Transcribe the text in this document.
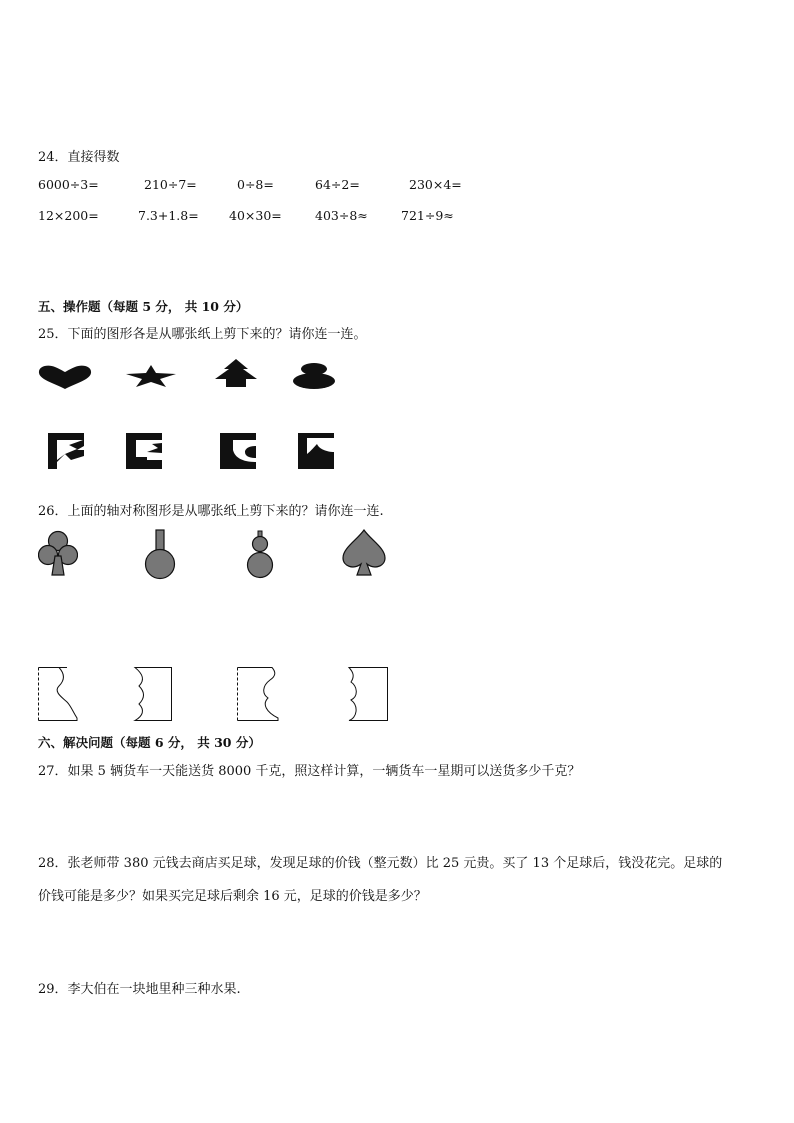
24．直接得数
6000÷3=	210÷7=	0÷8=	64÷2=	230×4=
12×200=	7.3+1.8= 40×30=	403÷8≈	721÷9≈
五、操作题（每题 5 分， 共 10 分）
25．下面的图形各是从哪张纸上剪下来的？请你连一连。
26．上面的轴对称图形是从哪张纸上剪下来的？请你连一连.
六、解决问题（每题 6 分， 共 30 分）
27．如果 5 辆货车一天能送货 8000 千克，照这样计算，一辆货车一星期可以送货多少千克？
28．张老师带 380 元钱去商店买足球，发现足球的价钱（整元数）比 25 元贵。买了 13 个足球后，钱没花完。足球的
价钱可能是多少？如果买完足球后剩余 16 元，足球的价钱是多少？
29．李大伯在一块地里种三种水果.
